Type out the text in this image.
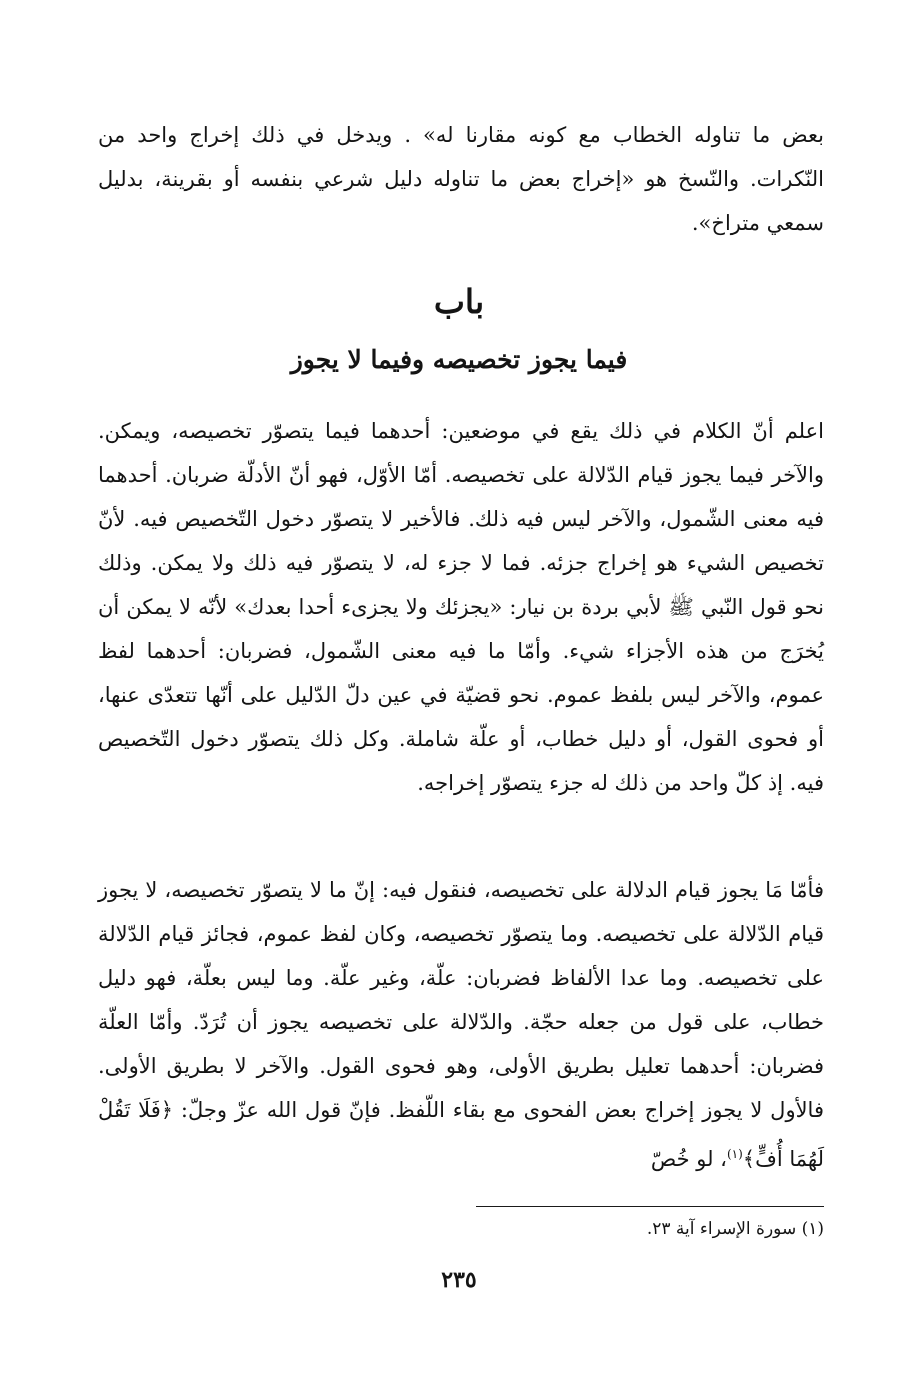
بعض ما تناوله الخطاب مع كونه مقارنا له» . ويدخل في ذلك إخراج واحد من النّكرات. والنّسخ هو «إخراج بعض ما تناوله دليل شرعي بنفسه أو بقرينة، بدليل سمعي متراخ».

باب
فيما يجوز تخصيصه وفيما لا يجوز

اعلم أنّ الكلام في ذلك يقع في موضعين: أحدهما فيما يتصوّر تخصيصه، ويمكن. والآخر فيما يجوز قيام الدّلالة على تخصيصه. أمّا الأوّل، فهو أنّ الأدلّة ضربان. أحدهما فيه معنى الشّمول، والآخر ليس فيه ذلك. فالأخير لا يتصوّر دخول التّخصيص فيه. لأنّ تخصيص الشيء هو إخراج جزئه. فما لا جزء له، لا يتصوّر فيه ذلك ولا يمكن. وذلك نحو قول النّبي ﷺ لأبي بردة بن نيار: «يجزئك ولا يجزىء أحدا بعدك» لأنّه لا يمكن أن يُخرَج من هذه الأجزاء شيء. وأمّا ما فيه معنى الشّمول، فضربان: أحدهما لفظ عموم، والآخر ليس بلفظ عموم. نحو قضيّة في عين دلّ الدّليل على أنّها تتعدّى عنها، أو فحوى القول، أو دليل خطاب، أو علّة شاملة. وكل ذلك يتصوّر دخول التّخصيص فيه. إذ كلّ واحد من ذلك له جزء يتصوّر إخراجه.

فأمّا مَا يجوز قيام الدلالة على تخصيصه، فنقول فيه: إنّ ما لا يتصوّر تخصيصه، لا يجوز قيام الدّلالة على تخصيصه. وما يتصوّر تخصيصه، وكان لفظ عموم، فجائز قيام الدّلالة على تخصيصه. وما عدا الألفاظ فضربان: علّة، وغير علّة. وما ليس بعلّة، فهو دليل خطاب، على قول من جعله حجّة. والدّلالة على تخصيصه يجوز أن تُرَدّ. وأمّا العلّة فضربان: أحدهما تعليل بطريق الأولى، وهو فحوى القول. والآخر لا بطريق الأولى. فالأول لا يجوز إخراج بعض الفحوى مع بقاء اللّفظ. فإنّ قول الله عزّ وجلّ: ﴿فَلَا تَقُلْ لَهُمَا أُفٍّ﴾$^{(١)}$، لو خُصّ

(١) سورة الإسراء آية ٢٣.

٢٣٥
